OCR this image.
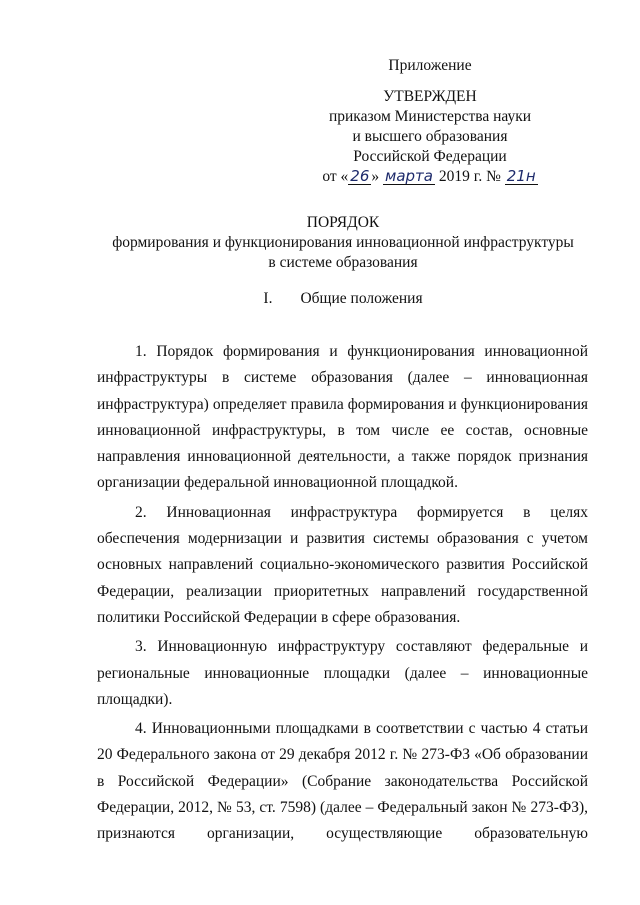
Приложение
УТВЕРЖДЕН
приказом Министерства науки
и высшего образования
Российской Федерации
от « 26 » марта 2019 г. № 21н
ПОРЯДОК
формирования и функционирования инновационной инфраструктуры
в системе образования
I. Общие положения

1. Порядок формирования и функционирования инновационной инфраструктуры в системе образования (далее – инновационная инфраструктура) определяет правила формирования и функционирования инновационной инфраструктуры, в том числе ее состав, основные направления инновационной деятельности, а также порядок признания организации федеральной инновационной площадкой.

2. Инновационная инфраструктура формируется в целях обеспечения модернизации и развития системы образования с учетом основных направлений социально-экономического развития Российской Федерации, реализации приоритетных направлений государственной политики Российской Федерации в сфере образования.

3. Инновационную инфраструктуру составляют федеральные и региональные инновационные площадки (далее – инновационные площадки).

4. Инновационными площадками в соответствии с частью 4 статьи 20 Федерального закона от 29 декабря 2012 г. № 273-ФЗ «Об образовании в Российской Федерации» (Собрание законодательства Российской Федерации, 2012, № 53, ст. 7598) (далее – Федеральный закон № 273-ФЗ), признаются организации, осуществляющие образовательную
